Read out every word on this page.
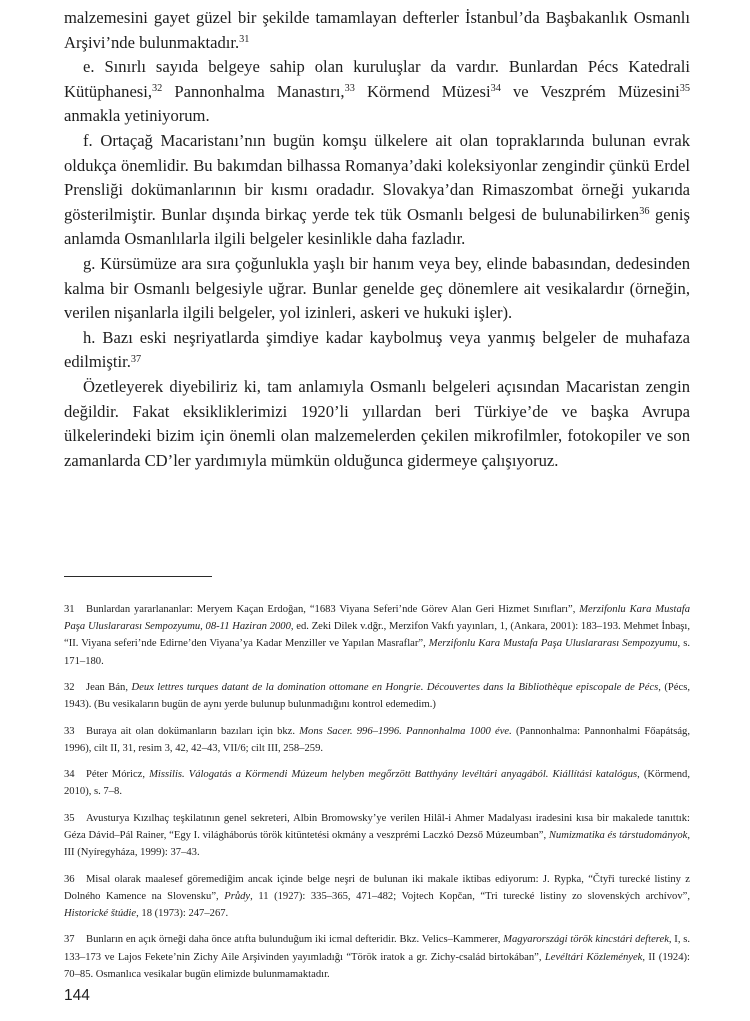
malzemesini gayet güzel bir şekilde tamamlayan defterler İstanbul’da Başbakanlık Osmanlı Arşivi’nde bulunmaktadır.$^{31}$

e. Sınırlı sayıda belgeye sahip olan kuruluşlar da vardır. Bunlardan Pécs Katedrali Kütüphanesi,$^{32}$ Pannonhalma Manastırı,$^{33}$ Körmend Müzesi$^{34}$ ve Veszprém Müzesini$^{35}$ anmakla yetiniyorum.

f. Ortaçağ Macaristanı’nın bugün komşu ülkelere ait olan topraklarında bulunan evrak oldukça önemlidir. Bu bakımdan bilhassa Romanya’daki koleksiyonlar zengindir çünkü Erdel Prensliği dokümanlarının bir kısmı oradadır. Slovakya’dan Rimaszombat örneği yukarıda gösterilmiştir. Bunlar dışında birkaç yerde tek tük Osmanlı belgesi de bulunabilirken$^{36}$ geniş anlamda Osmanlılarla ilgili belgeler kesinlikle daha fazladır.

g. Kürsümüze ara sıra çoğunlukla yaşlı bir hanım veya bey, elinde babasından, dedesinden kalma bir Osmanlı belgesiyle uğrar. Bunlar genelde geç dönemlere ait vesikalardır (örneğin, verilen nişanlarla ilgili belgeler, yol izinleri, askeri ve hukuki işler).

h. Bazı eski neşriyatlarda şimdiye kadar kaybolmuş veya yanmış belgeler de muhafaza edilmiştir.$^{37}$

Özetleyerek diyebiliriz ki, tam anlamıyla Osmanlı belgeleri açısından Macaristan zengin değildir. Fakat eksikliklerimizi 1920’li yıllardan beri Türkiye’de ve başka Avrupa ülkelerindeki bizim için önemli olan malzemelerden çekilen mikrofilmler, fotokopiler ve son zamanlarda CD’ler yardımıyla mümkün olduğunca gidermeye çalışıyoruz.

31 Bunlardan yararlananlar: Meryem Kaçan Erdoğan, “1683 Viyana Seferi’nde Görev Alan Geri Hizmet Sınıfları”, Merzifonlu Kara Mustafa Paşa Uluslararası Sempozyumu, 08-11 Haziran 2000, ed. Zeki Dilek v.dğr., Merzifon Vakfı yayınları, 1, (Ankara, 2001): 183–193. Mehmet İnbaşı, “II. Viyana seferi’nde Edirne’den Viyana’ya Kadar Menziller ve Yapılan Masraflar”, Merzifonlu Kara Mustafa Paşa Uluslararası Sempozyumu, s. 171–180.
32 Jean Bán, Deux lettres turques datant de la domination ottomane en Hongrie. Découvertes dans la Bibliothèque episcopale de Pécs, (Pécs, 1943). (Bu vesikaların bugün de aynı yerde bulunup bulunmadığını kontrol edemedim.)
33 Buraya ait olan dokümanların bazıları için bkz. Mons Sacer. 996–1996. Pannonhalma 1000 éve. (Pannonhalma: Pannonhalmi Főapátság, 1996), cilt II, 31, resim 3, 42, 42–43, VII/6; cilt III, 258–259.
34 Péter Móricz, Missilis. Válogatás a Körmendi Múzeum helyben megőrzött Batthyány levéltári anyagából. Kiállítási katalógus, (Körmend, 2010), s. 7–8.
35 Avusturya Kızılhaç teşkilatının genel sekreteri, Albin Bromowsky’ye verilen Hilâl-i Ahmer Madalyası iradesini kısa bir makalede tanıttık: Géza Dávid–Pál Rainer, “Egy I. világháborús török kitüntetési okmány a veszprémi Laczkó Dezső Múzeumban”, Numizmatika és társtudományok, III (Nyíregyháza, 1999): 37–43.
36 Misal olarak maalesef göremediğim ancak içinde belge neşri de bulunan iki makale iktibas ediyorum: J. Rypka, “Čtyři turecké listiny z Dolného Kamence na Slovensku”, Průdy, 11 (1927): 335–365, 471–482; Vojtech Kopčan, “Tri turecké listiny zo slovenských archívov”, Historické štúdie, 18 (1973): 247–267.
37 Bunların en açık örneği daha önce atıfta bulunduğum iki icmal defteridir. Bkz. Velics–Kammerer, Magyarországi török kincstári defterek, I, s. 133–173 ve Lajos Fekete’nin Zichy Aile Arşivinden yayımladığı “Török iratok a gr. Zichy-család birtokában”, Levéltári Közlemények, II (1924): 70–85. Osmanlıca vesikalar bugün elimizde bulunmamaktadır.
144
